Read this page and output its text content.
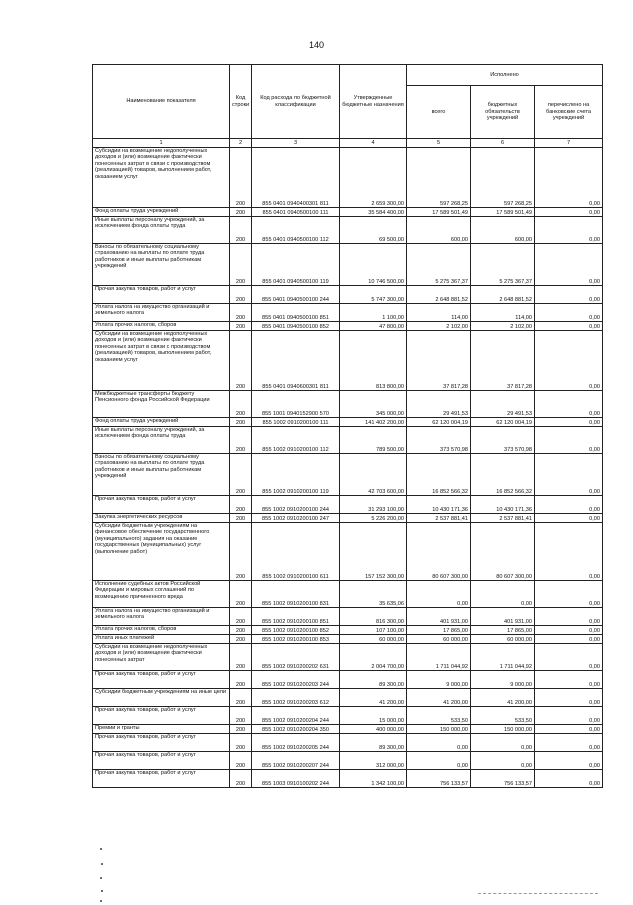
140
Наименование показателя	Код строки	Код расхода по бюджетной классификации	Утвержденные бюджетные назначения	Исполнено		
				всего	бюджетных обязательств учреждений	перечислено на банковские счета учреждений
1	2	3	4	5	6	7
Субсидии на возмещение недополученных доходов и (или) возмещение фактически понесенных затрат в связи с производством (реализацией) товаров, выполнением работ, оказанием услуг	200	855 0401 0940400301 811	2 659 300,00	597 268,25	597 268,25	0,00
Фонд оплаты труда учреждений	200	855 0401 0940500100 111	35 584 400,00	17 589 501,49	17 589 501,49	0,00
Иные выплаты персоналу учреждений, за исключением фонда оплаты труда	200	855 0401 0940500100 112	69 500,00	600,00	600,00	0,00
Взносы по обязательному социальному страхованию на выплаты по оплате труда работников и иные выплаты работникам учреждений	200	855 0401 0940500100 119	10 746 500,00	5 275 367,37	5 275 367,37	0,00
Прочая закупка товаров, работ и услуг	200	855 0401 0940500100 244	5 747 300,00	2 648 881,52	2 648 881,52	0,00
Уплата налога на имущество организаций и земельного налога	200	855 0401 0940500100 851	1 100,00	114,00	114,00	0,00
Уплата прочих налогов, сборов	200	855 0401 0940500100 852	47 800,00	2 102,00	2 102,00	0,00
Субсидии на возмещение недополученных доходов и (или) возмещение фактически понесенных затрат в связи с производством (реализацией) товаров, выполнением работ, оказанием услуг	200	855 0401 0940600301 811	813 800,00	37 817,28	37 817,28	0,00
Межбюджетные трансферты бюджету Пенсионного фонда Российской Федерации	200	855 1001 0940152900 570	345 000,00	29 491,53	29 491,53	0,00
Фонд оплаты труда учреждений	200	855 1002 0910200100 111	141 402 200,00	62 120 004,19	62 120 004,19	0,00
Иные выплаты персоналу учреждений, за исключением фонда оплаты труда	200	855 1002 0910200100 112	789 500,00	373 570,98	373 570,98	0,00
Взносы по обязательному социальному страхованию на выплаты по оплате труда работников и иные выплаты работникам учреждений	200	855 1002 0910200100 119	42 703 600,00	16 852 566,32	16 852 566,32	0,00
Прочая закупка товаров, работ и услуг	200	855 1002 0910200100 244	31 293 100,00	10 430 171,36	10 430 171,36	0,00
Закупка энергетических ресурсов	200	855 1002 0910200100 247	5 226 200,00	2 537 881,41	2 537 881,41	0,00
Субсидии бюджетным учреждениям на финансовое обеспечение государственного (муниципального) задания на оказание государственных (муниципальных) услуг (выполнение работ)	200	855 1002 0910200100 611	157 152 300,00	80 607 300,00	80 607 300,00	0,00
Исполнение судебных актов Российской Федерации и мировых соглашений по возмещению причиненного вреда	200	855 1002 0910200100 831	35 635,06	0,00	0,00	0,00
Уплата налога на имущество организаций и земельного налога	200	855 1002 0910200100 851	816 300,00	401 931,00	401 931,00	0,00
Уплата прочих налогов, сборов	200	855 1002 0910200100 852	107 100,00	17 865,00	17 865,00	0,00
Уплата иных платежей	200	855 1002 0910200100 853	60 000,00	60 000,00	60 000,00	0,00
Субсидии на возмещение недополученных доходов и (или) возмещение фактически понесенных затрат	200	855 1002 0910200202 631	2 004 700,00	1 711 044,92	1 711 044,92	0,00
Прочая закупка товаров, работ и услуг	200	855 1002 0910200203 244	89 300,00	9 000,00	9 000,00	0,00
Субсидии бюджетным учреждениям на иные цели	200	855 1002 0910200203 612	41 200,00	41 200,00	41 200,00	0,00
Прочая закупка товаров, работ и услуг	200	855 1002 0910200204 244	15 000,00	533,50	533,50	0,00
Премии и гранты	200	855 1002 0910200204 350	400 000,00	150 000,00	150 000,00	0,00
Прочая закупка товаров, работ и услуг	200	855 1002 0910200205 244	89 300,00	0,00	0,00	0,00
Прочая закупка товаров, работ и услуг	200	855 1002 0910200207 244	312 000,00	0,00	0,00	0,00
Прочая закупка товаров, работ и услуг	200	855 1003 0910100202 244	1 342 100,00	756 133,57	756 133,57	0,00
